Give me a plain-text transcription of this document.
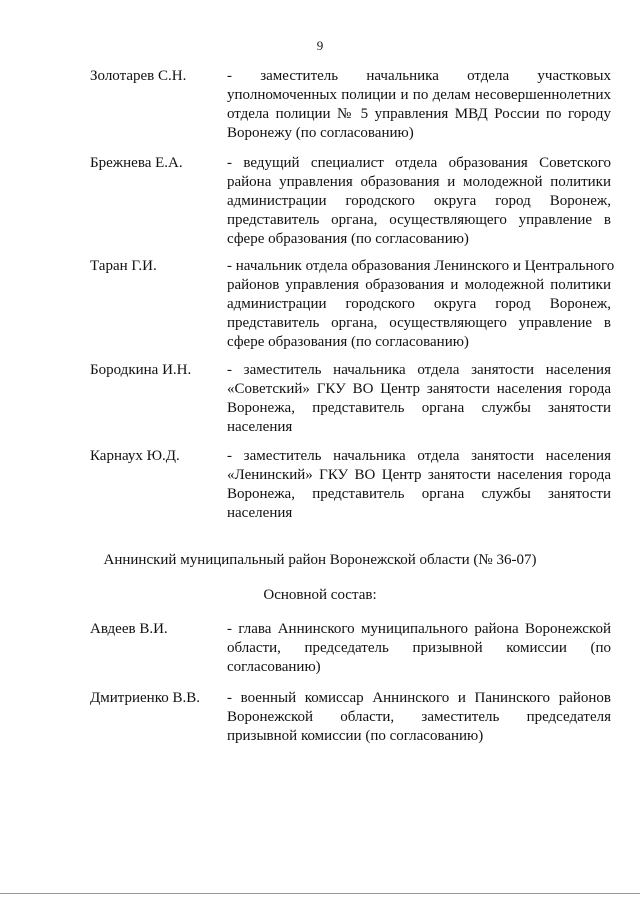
9
Золотарев С.Н.	- заместитель начальника отдела участковых
уполномоченных полиции и по делам несовершеннолетних
отдела полиции № 5 управления МВД России по городу
Воронежу (по согласованию)
Брежнева Е.А.	- ведущий специалист отдела образования Советского
района управления образования и молодежной политики
администрации городского округа город Воронеж,
представитель органа, осуществляющего управление в
сфере образования (по согласованию)
Таран Г.И.	- начальник отдела образования Ленинского и Центрального
районов управления образования и молодежной политики
администрации городского округа город Воронеж,
представитель органа, осуществляющего управление в
сфере образования (по согласованию)
Бородкина И.Н. - заместитель начальника отдела занятости населения
«Советский» ГКУ ВО Центр занятости населения города
Воронежа, представитель органа службы занятости
населения
Карнаух Ю.Д.	- заместитель начальника отдела занятости населения
«Ленинский» ГКУ ВО Центр занятости населения города
Воронежа, представитель органа службы занятости
населения
Аннинский муниципальный район Воронежской области (№ 36-07)
Основной состав:
Авдеев В.И.	- глава Аннинского муниципального района Воронежской
области, председатель призывной комиссии (по
согласованию)
Дмитриенко В.В. - военный комиссар Аннинского и Панинского районов
Воронежской области, заместитель председателя
призывной комиссии (по согласованию)
